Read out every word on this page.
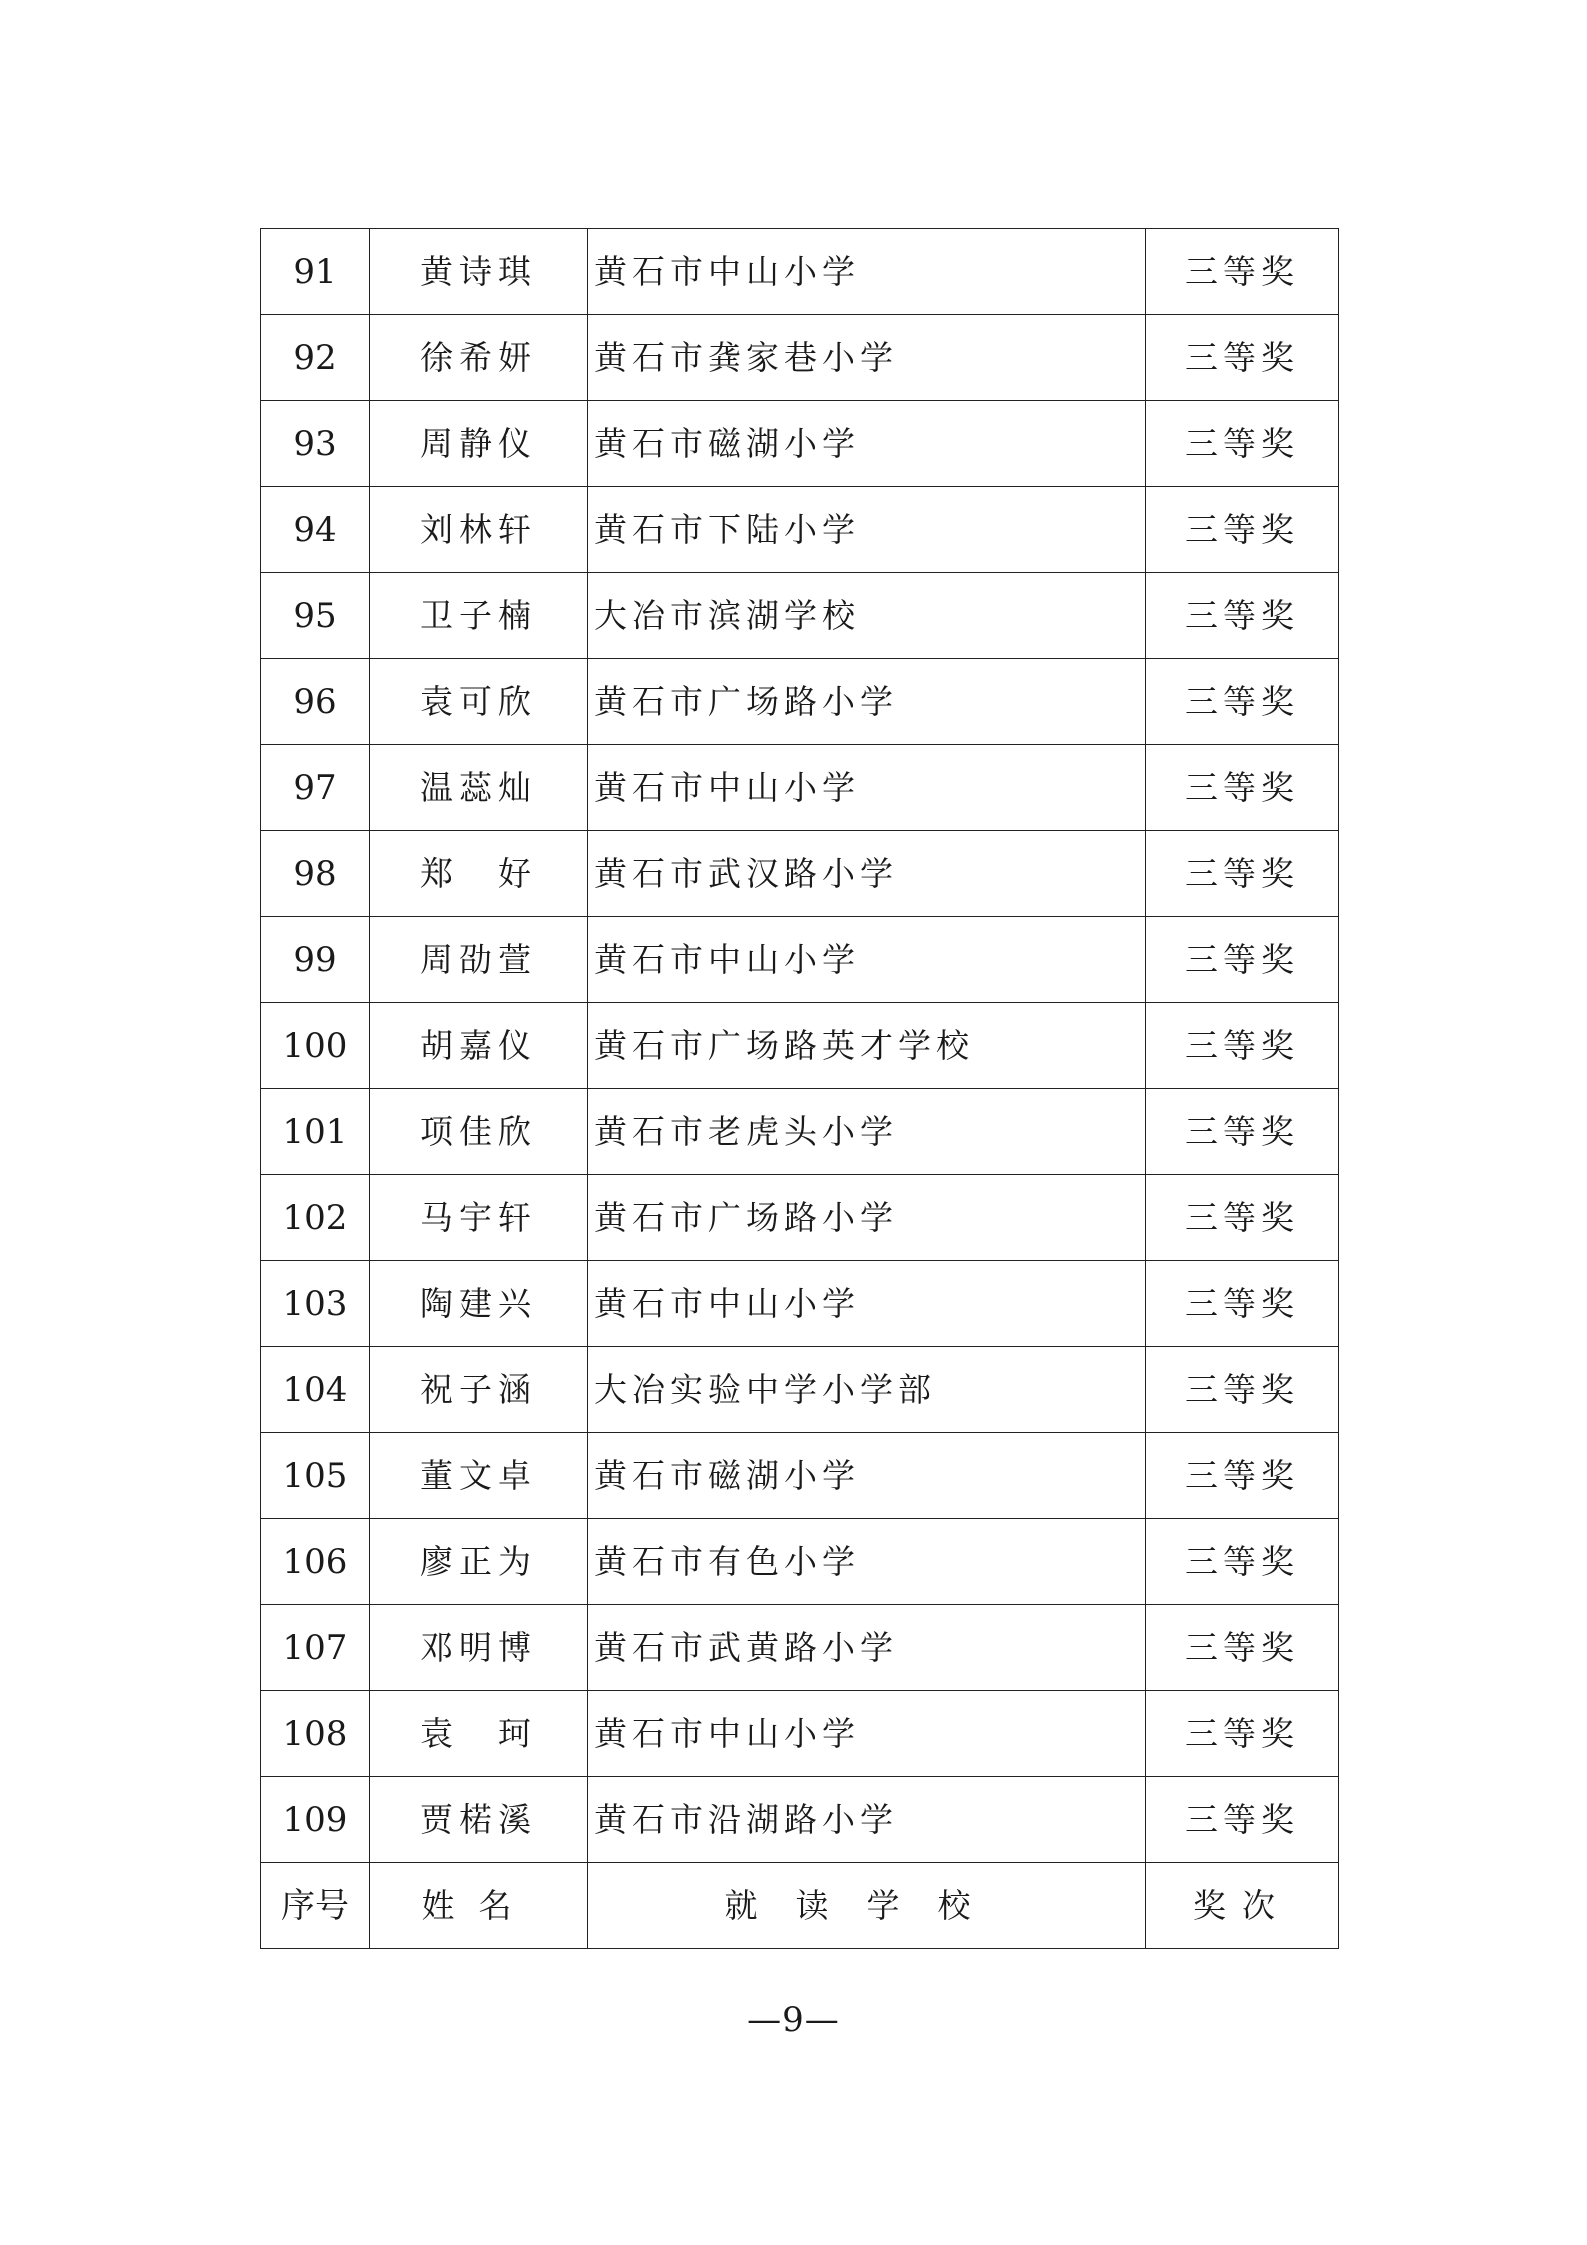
91	黄诗琪	黄石市中山小学	三等奖
92	徐希妍	黄石市龚家巷小学	三等奖
93	周静仪	黄石市磁湖小学	三等奖
94	刘林轩	黄石市下陆小学	三等奖
95	卫子楠	大冶市滨湖学校	三等奖
96	袁可欣	黄石市广场路小学	三等奖
97	温蕊灿	黄石市中山小学	三等奖
98	郑　好	黄石市武汉路小学	三等奖
99	周劭萱	黄石市中山小学	三等奖
100	胡嘉仪	黄石市广场路英才学校	三等奖
101	项佳欣	黄石市老虎头小学	三等奖
102	马宇轩	黄石市广场路小学	三等奖
103	陶建兴	黄石市中山小学	三等奖
104	祝子涵	大冶实验中学小学部	三等奖
105	董文卓	黄石市磁湖小学	三等奖
106	廖正为	黄石市有色小学	三等奖
107	邓明博	黄石市武黄路小学	三等奖
108	袁　珂	黄石市中山小学	三等奖
109	贾楉溪	黄石市沿湖路小学	三等奖
序号	姓名	就读学校	奖次
—9—
